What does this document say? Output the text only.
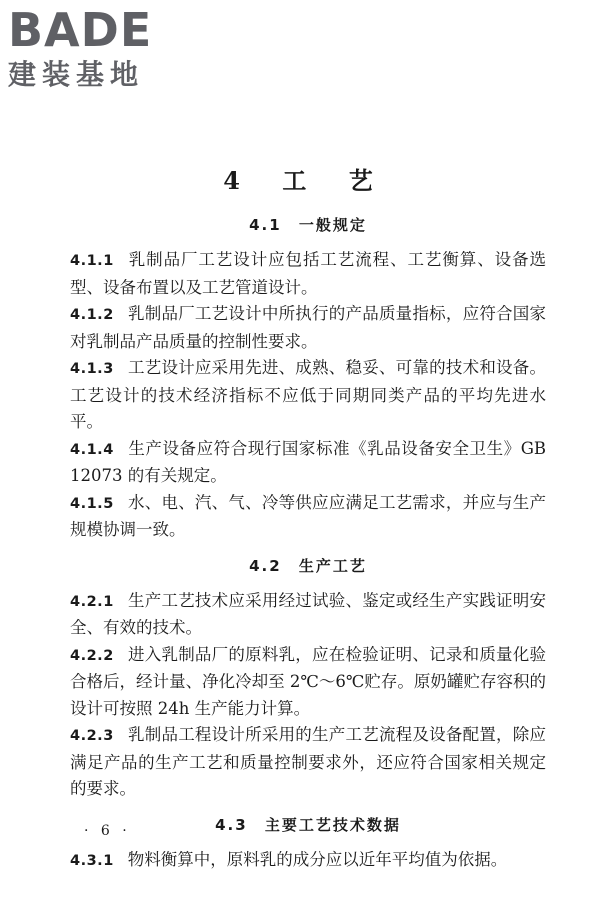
BADE
建装基地
4 工 艺
4.1 一般规定

4.1.1 乳制品厂工艺设计应包括工艺流程、工艺衡算、设备选型、设备布置以及工艺管道设计。

4.1.2 乳制品厂工艺设计中所执行的产品质量指标，应符合国家对乳制品产品质量的控制性要求。

4.1.3 工艺设计应采用先进、成熟、稳妥、可靠的技术和设备。工艺设计的技术经济指标不应低于同期同类产品的平均先进水平。

4.1.4 生产设备应符合现行国家标准《乳品设备安全卫生》GB 12073 的有关规定。

4.1.5 水、电、汽、气、冷等供应应满足工艺需求，并应与生产规模协调一致。

4.2 生产工艺

4.2.1 生产工艺技术应采用经过试验、鉴定或经生产实践证明安全、有效的技术。

4.2.2 进入乳制品厂的原料乳，应在检验证明、记录和质量化验合格后，经计量、净化冷却至 2℃～6℃贮存。原奶罐贮存容积的设计可按照 24h 生产能力计算。

4.2.3 乳制品工程设计所采用的生产工艺流程及设备配置，除应满足产品的生产工艺和质量控制要求外，还应符合国家相关规定的要求。

4.3 主要工艺技术数据

4.3.1 物料衡算中，原料乳的成分应以近年平均值为依据。

· 6 ·
